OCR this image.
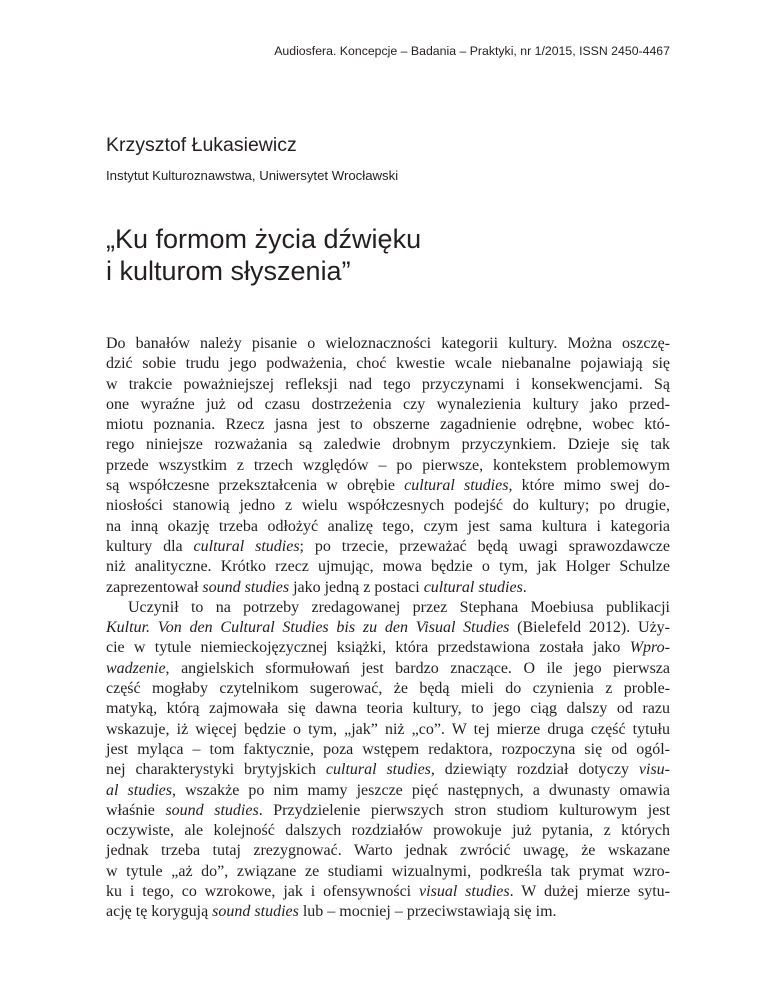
Audiosfera. Koncepcje – Badania – Praktyki, nr 1/2015, ISSN 2450-4467
Krzysztof Łukasiewicz
Instytut Kulturoznawstwa, Uniwersytet Wrocławski
„Ku formom życia dźwięku
i kulturom słyszenia”
Do banałów należy pisanie o wieloznaczności kategorii kultury. Można oszczę-
dzić sobie trudu jego podważenia, choć kwestie wcale niebanalne pojawiają się
w trakcie poważniejszej refleksji nad tego przyczynami i konsekwencjami. Są
one wyraźne już od czasu dostrzeżenia czy wynalezienia kultury jako przed-
miotu poznania. Rzecz jasna jest to obszerne zagadnienie odrębne, wobec któ-
rego niniejsze rozważania są zaledwie drobnym przyczynkiem. Dzieje się tak
przede wszystkim z trzech względów – po pierwsze, kontekstem problemowym
są współczesne przekształcenia w obrębie cultural studies, które mimo swej do-
niosłości stanowią jedno z wielu współczesnych podejść do kultury; po drugie,
na inną okazję trzeba odłożyć analizę tego, czym jest sama kultura i kategoria
kultury dla cultural studies; po trzecie, przeważać będą uwagi sprawozdawcze
niż analityczne. Krótko rzecz ujmując, mowa będzie o tym, jak Holger Schulze
zaprezentował sound studies jako jedną z postaci cultural studies.
Uczynił to na potrzeby zredagowanej przez Stephana Moebiusa publikacji
Kultur. Von den Cultural Studies bis zu den Visual Studies (Bielefeld 2012). Uży-
cie w tytule niemieckojęzycznej książki, która przedstawiona została jako Wpro-
wadzenie, angielskich sformułowań jest bardzo znaczące. O ile jego pierwsza
część mogłaby czytelnikom sugerować, że będą mieli do czynienia z proble-
matyką, którą zajmowała się dawna teoria kultury, to jego ciąg dalszy od razu
wskazuje, iż więcej będzie o tym, „jak” niż „co”. W tej mierze druga część tytułu
jest myląca – tom faktycznie, poza wstępem redaktora, rozpoczyna się od ogól-
nej charakterystyki brytyjskich cultural studies, dziewiąty rozdział dotyczy visu-
al studies, wszakże po nim mamy jeszcze pięć następnych, a dwunasty omawia
właśnie sound studies. Przydzielenie pierwszych stron studiom kulturowym jest
oczywiste, ale kolejność dalszych rozdziałów prowokuje już pytania, z których
jednak trzeba tutaj zrezygnować. Warto jednak zwrócić uwagę, że wskazane
w tytule „aż do”, związane ze studiami wizualnymi, podkreśla tak prymat wzro-
ku i tego, co wzrokowe, jak i ofensywności visual studies. W dużej mierze sytu-
ację tę korygują sound studies lub – mocniej – przeciwstawiają się im.
